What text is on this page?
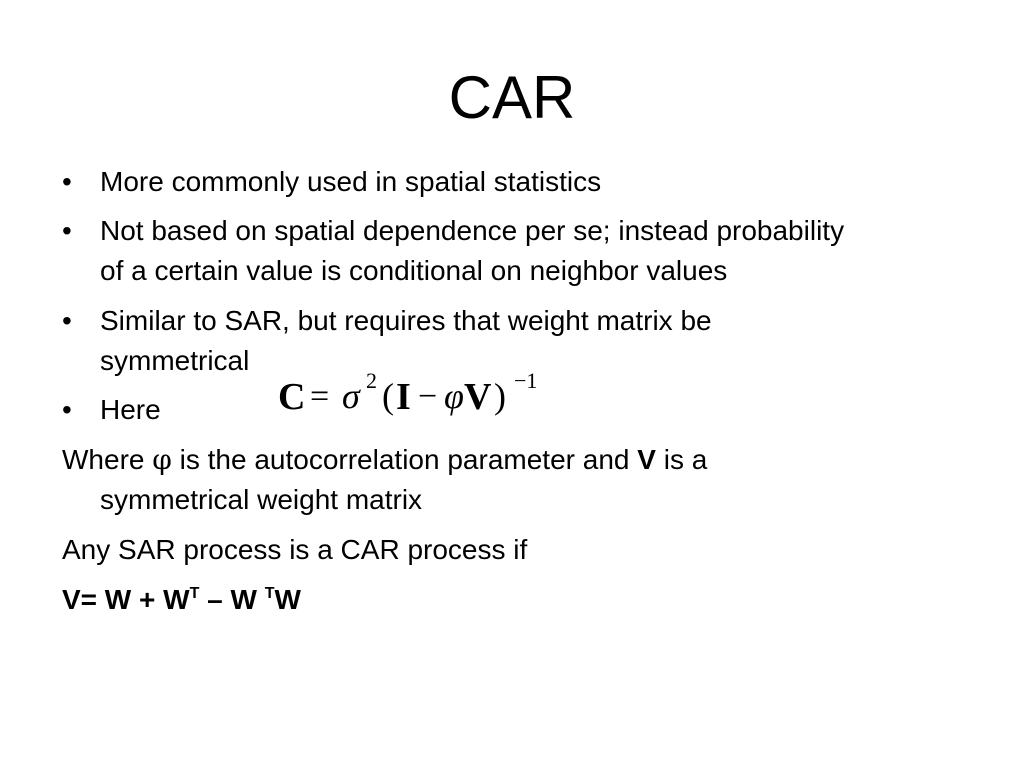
CAR
• More commonly used in spatial statistics
• Not based on spatial dependence per se; instead probability
of a certain value is conditional on neighbor values
• Similar to SAR, but requires that weight matrix be
symmetrical
• Here	C = σ 2 ( I − φ V ) −1
Where φ is the autocorrelation parameter and V is a
symmetrical weight matrix
Any SAR process is a CAR process if
$V= W + W^T - W$ $^T$W
